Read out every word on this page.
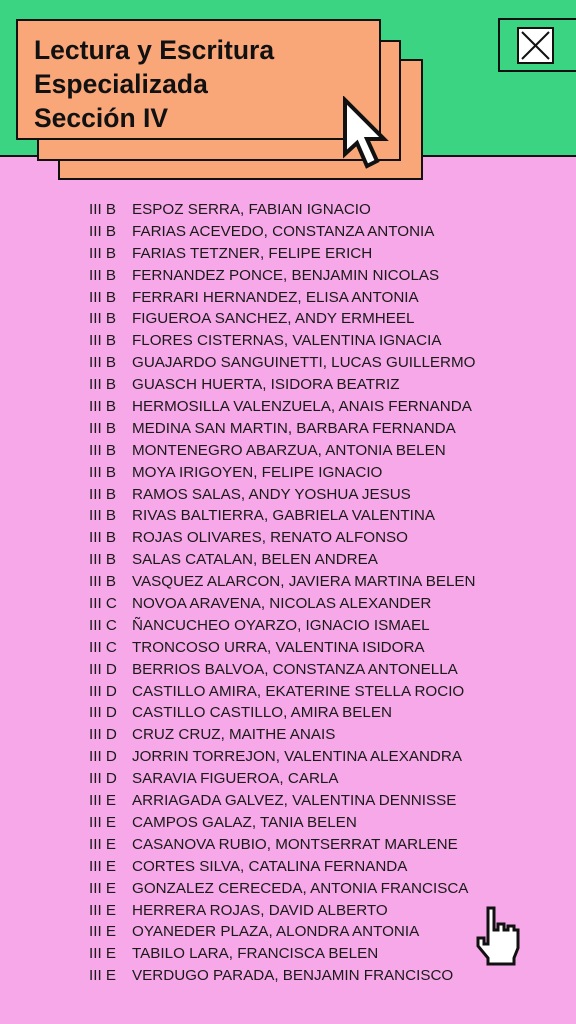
Lectura y Escritura
Especializada
Sección IV
III B	ESPOZ SERRA, FABIAN IGNACIO
III B	FARIAS ACEVEDO, CONSTANZA ANTONIA
III B	FARIAS TETZNER, FELIPE ERICH
III B	FERNANDEZ PONCE, BENJAMIN NICOLAS
III B	FERRARI HERNANDEZ, ELISA ANTONIA
III B	FIGUEROA SANCHEZ, ANDY ERMHEEL
III B	FLORES CISTERNAS, VALENTINA IGNACIA
III B	GUAJARDO SANGUINETTI, LUCAS GUILLERMO
III B	GUASCH HUERTA, ISIDORA BEATRIZ
III B	HERMOSILLA VALENZUELA, ANAIS FERNANDA
III B	MEDINA SAN MARTIN, BARBARA FERNANDA
III B	MONTENEGRO ABARZUA, ANTONIA BELEN
III B	MOYA IRIGOYEN, FELIPE IGNACIO
III B	RAMOS SALAS, ANDY YOSHUA JESUS
III B	RIVAS BALTIERRA, GABRIELA VALENTINA
III B	ROJAS OLIVARES, RENATO ALFONSO
III B	SALAS CATALAN, BELEN ANDREA
III B	VASQUEZ ALARCON, JAVIERA MARTINA BELEN
III C NOVOA ARAVENA, NICOLAS ALEXANDER
III C ÑANCUCHEO OYARZO, IGNACIO ISMAEL
III C TRONCOSO URRA, VALENTINA ISIDORA
III D BERRIOS BALVOA, CONSTANZA ANTONELLA
III D CASTILLO AMIRA, EKATERINE STELLA ROCIO
III D CASTILLO CASTILLO, AMIRA BELEN
III D CRUZ CRUZ, MAITHE ANAIS
III D JORRIN TORREJON, VALENTINA ALEXANDRA
III D SARAVIA FIGUEROA, CARLA
III E	ARRIAGADA GALVEZ, VALENTINA DENNISSE
III E	CAMPOS GALAZ, TANIA BELEN
III E	CASANOVA RUBIO, MONTSERRAT MARLENE
III E	CORTES SILVA, CATALINA FERNANDA
III E	GONZALEZ CERECEDA, ANTONIA FRANCISCA
III E	HERRERA ROJAS, DAVID ALBERTO
III E	OYANEDER PLAZA, ALONDRA ANTONIA
III E	TABILO LARA, FRANCISCA BELEN
III E	VERDUGO PARADA, BENJAMIN FRANCISCO
